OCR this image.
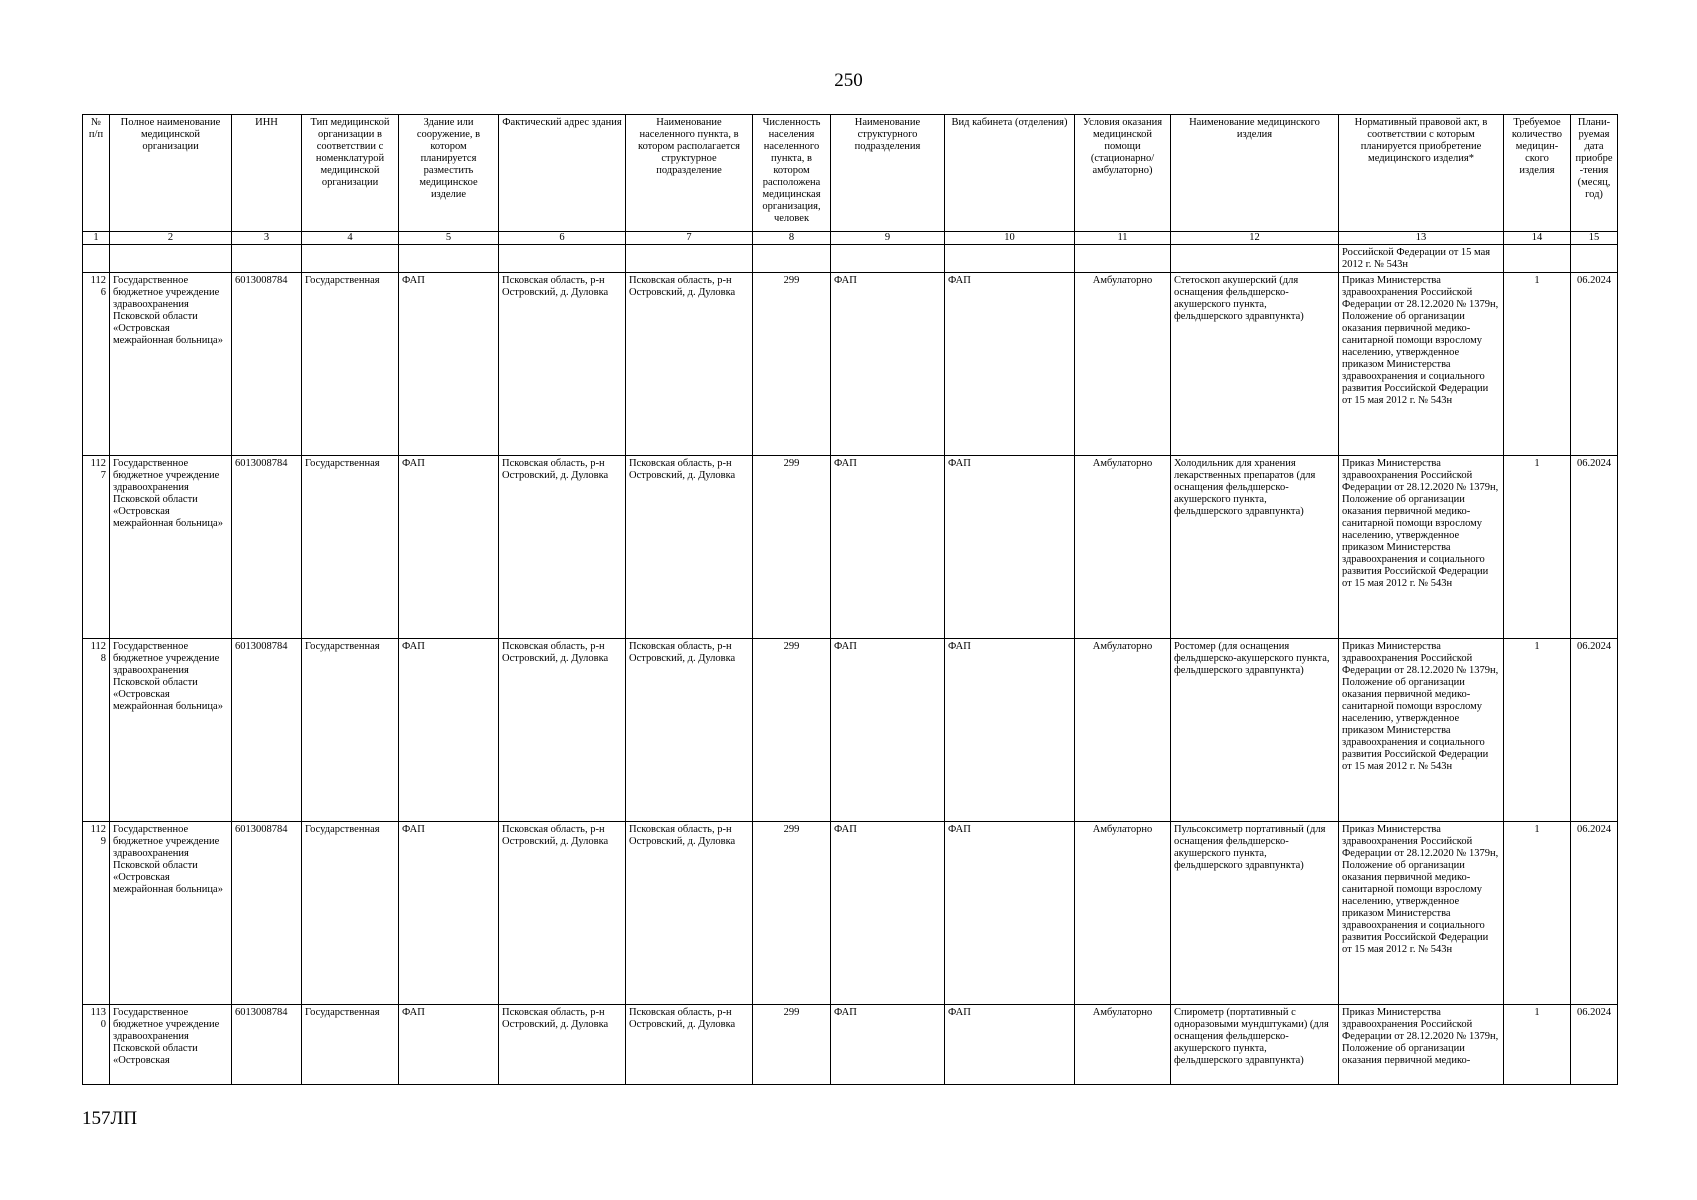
250
№ п/п	Полное наименование медицинской организации	ИНН	Тип медицинской организации в соответствии с номенклатурой медицинской организации	Здание или сооружение, в котором планируется разместить медицинское изделие	Фактический адрес здания	Наименование населенного пункта, в котором располагается структурное подразделение	Численность населения населенного пункта, в котором расположена медицинская организация, человек	Наименование структурного подразделения	Вид кабинета (отделения)	Условия оказания медицинской помощи (стационарно/ амбулаторно)	Наименование медицинского изделия	Нормативный правовой акт, в соответствии с которым планируется приобретение медицинского изделия*	Требуемое количество медицин-ского изделия	Плани-руемая дата приобре-тения (месяц, год)
1	2	3	4	5	6	7	8	9	10	11	12	13	14	15
												Российской Федерации от 15 мая 2012 г. № 543н		
1126	Государственное бюджетное учреждение здравоохранения Псковской области «Островская межрайонная больница»	6013008784	Государственная	ФАП	Псковская область, р-н Островский, д. Дуловка	Псковская область, р-н Островский, д. Дуловка	299	ФАП	ФАП	Амбулаторно	Стетоскоп акушерский (для оснащения фельдшерско-акушерского пункта, фельдшерского здравпункта)	Приказ Министерства здравоохранения Российской Федерации от 28.12.2020 № 1379н, Положение об организации оказания первичной медико-санитарной помощи взрослому населению, утвержденное приказом Министерства здравоохранения и социального развития Российской Федерации от 15 мая 2012 г. № 543н	1	06.2024
1127	Государственное бюджетное учреждение здравоохранения Псковской области «Островская межрайонная больница»	6013008784	Государственная	ФАП	Псковская область, р-н Островский, д. Дуловка	Псковская область, р-н Островский, д. Дуловка	299	ФАП	ФАП	Амбулаторно	Холодильник для хранения лекарственных препаратов (для оснащения фельдшерско-акушерского пункта, фельдшерского здравпункта)	Приказ Министерства здравоохранения Российской Федерации от 28.12.2020 № 1379н, Положение об организации оказания первичной медико-санитарной помощи взрослому населению, утвержденное приказом Министерства здравоохранения и социального развития Российской Федерации от 15 мая 2012 г. № 543н	1	06.2024
1128	Государственное бюджетное учреждение здравоохранения Псковской области «Островская межрайонная больница»	6013008784	Государственная	ФАП	Псковская область, р-н Островский, д. Дуловка	Псковская область, р-н Островский, д. Дуловка	299	ФАП	ФАП	Амбулаторно	Ростомер (для оснащения фельдшерско-акушерского пункта, фельдшерского здравпункта)	Приказ Министерства здравоохранения Российской Федерации от 28.12.2020 № 1379н, Положение об организации оказания первичной медико-санитарной помощи взрослому населению, утвержденное приказом Министерства здравоохранения и социального развития Российской Федерации от 15 мая 2012 г. № 543н	1	06.2024
1129	Государственное бюджетное учреждение здравоохранения Псковской области «Островская межрайонная больница»	6013008784	Государственная	ФАП	Псковская область, р-н Островский, д. Дуловка	Псковская область, р-н Островский, д. Дуловка	299	ФАП	ФАП	Амбулаторно	Пульсоксиметр портативный (для оснащения фельдшерско-акушерского пункта, фельдшерского здравпункта)	Приказ Министерства здравоохранения Российской Федерации от 28.12.2020 № 1379н, Положение об организации оказания первичной медико-санитарной помощи взрослому населению, утвержденное приказом Министерства здравоохранения и социального развития Российской Федерации от 15 мая 2012 г. № 543н	1	06.2024
1130	Государственное бюджетное учреждение здравоохранения Псковской области «Островская	6013008784	Государственная	ФАП	Псковская область, р-н Островский, д. Дуловка	Псковская область, р-н Островский, д. Дуловка	299	ФАП	ФАП	Амбулаторно	Спирометр (портативный с одноразовыми мундштуками) (для оснащения фельдшерско-акушерского пункта, фельдшерского здравпункта)	Приказ Министерства здравоохранения Российской Федерации от 28.12.2020 № 1379н, Положение об организации оказания первичной медико-	1	06.2024
157ЛП
